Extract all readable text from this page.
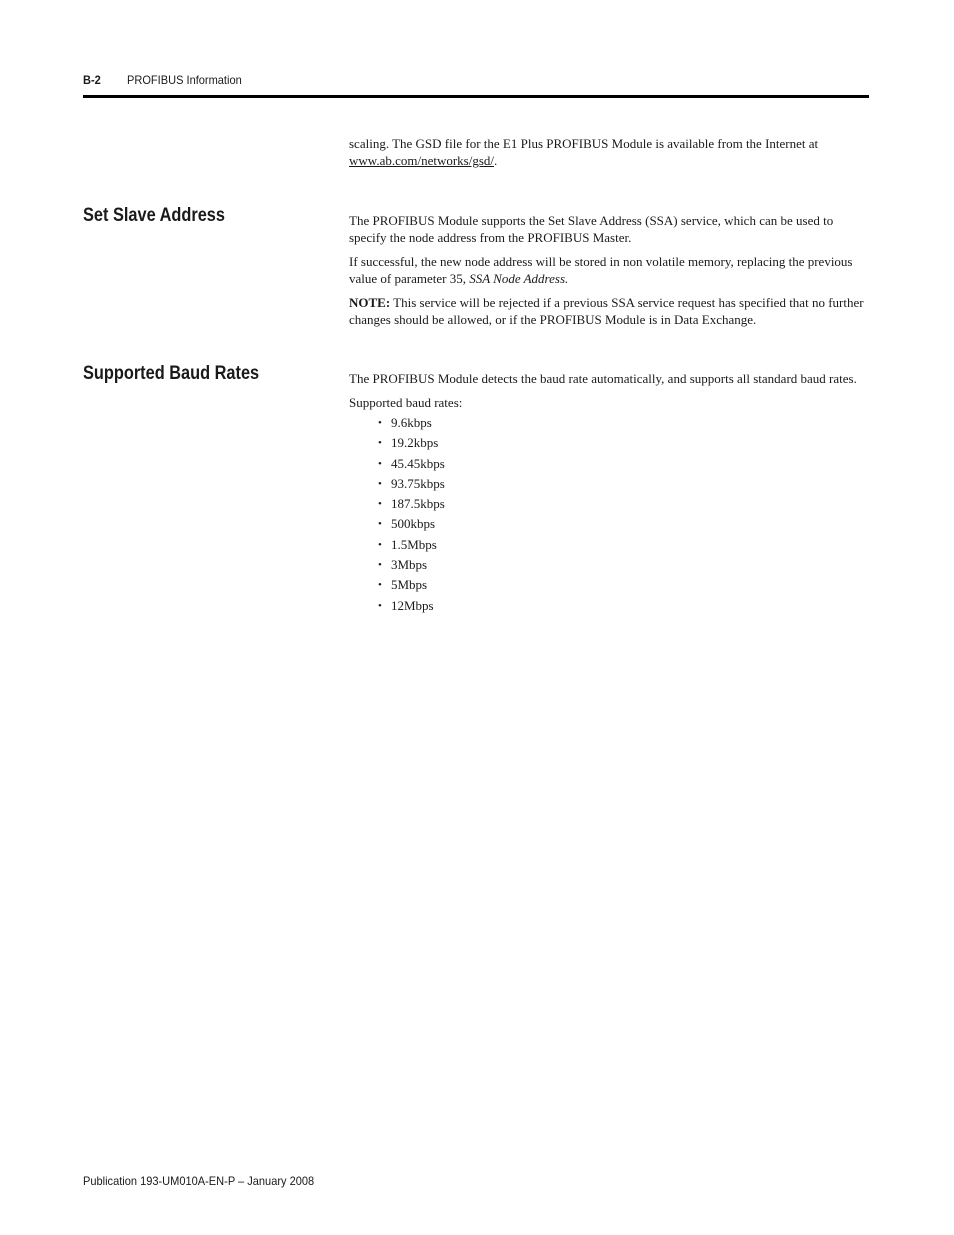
B-2 PROFIBUS Information

scaling. The GSD file for the E1 Plus PROFIBUS Module is available from the Internet at www.ab.com/networks/gsd/.

Set Slave Address	The PROFIBUS Module supports the Set Slave Address (SSA) service, which can be used to specify the node address from the PROFIBUS Master.

If successful, the new node address will be stored in non volatile memory, replacing the previous value of parameter 35, SSA Node Address.

NOTE: This service will be rejected if a previous SSA service request has specified that no further changes should be allowed, or if the PROFIBUS Module is in Data Exchange.

Supported Baud Rates	The PROFIBUS Module detects the baud rate automatically, and supports all standard baud rates.

Supported baud rates:

• 9.6kbps
• 19.2kbps
• 45.45kbps
• 93.75kbps
• 187.5kbps
• 500kbps
• 1.5Mbps
• 3Mbps
• 5Mbps
• 12Mbps
Publication 193-UM010A-EN-P – January 2008
